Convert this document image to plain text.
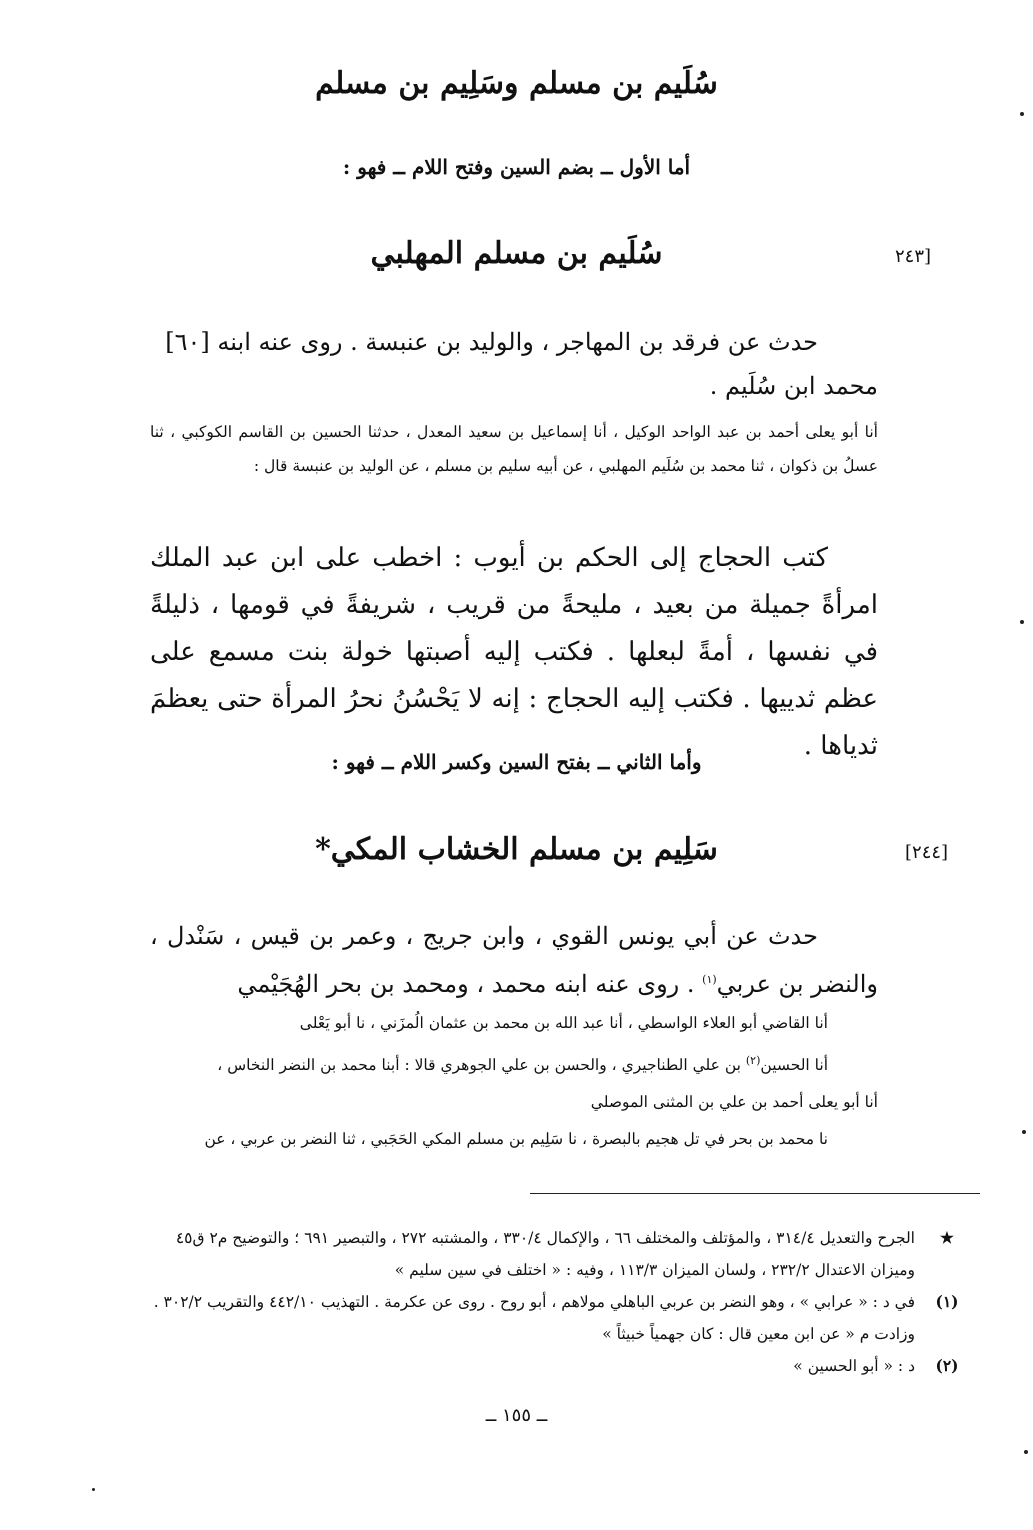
سُلَيم بن مسلم وسَلِيم بن مسلم
أما الأول ــ بضم السين وفتح اللام ــ فهو :
[٢٤٣
سُلَيم بن مسلم المهلبي
حدث عن فرقد بن المهاجر ، والوليد بن عنبسة . روى عنه ابنه [٦٠] محمد ابن سُلَيم .
أنا أبو يعلى أحمد بن عبد الواحد الوكيل ، أنا إسماعيل بن سعيد المعدل ، حدثنا الحسين بن القاسم الكوكبي ، ثنا عسلُ بن ذكوان ، ثنا محمد بن سُلَيم المهلبي ، عن أبيه سليم بن مسلم ، عن الوليد بن عنبسة قال :
كتب الحجاج إلى الحكم بن أيوب : اخطب على ابن عبد الملك امرأةً جميلة من بعيد ، مليحةً من قريب ، شريفةً في قومها ، ذليلةً في نفسها ، أمةً لبعلها . فكتب إليه أصبتها خولة بنت مسمع على عظم ثدييها . فكتب إليه الحجاج : إنه لا يَحْسُنُ نحرُ المرأة حتى يعظمَ ثدياها .
وأما الثاني ــ بفتح السين وكسر اللام ــ فهو :
[٢٤٤]
سَلِيم بن مسلم الخشاب المكي*
حدث عن أبي يونس القوي ، وابن جريج ، وعمر بن قيس ، سَنْدل ، والنضر بن عربي$^{(١)}$ . روى عنه ابنه محمد ، ومحمد بن بحر الهُجَيْمي
أنا القاضي أبو العلاء الواسطي ، أنا عبد الله بن محمد بن عثمان الُمزَني ، نا أبو يَعْلى
أنا الحسين$^{(٢)}$ بن علي الطناجيري ، والحسن بن علي الجوهري قالا : أبنا محمد بن النضر النخاس ،
أنا أبو يعلى أحمد بن علي بن المثنى الموصلي
نا محمد بن بحر في تل هجيم بالبصرة ، نا سَلِيم بن مسلم المكي الحَجَبي ، ثنا النضر بن عربي ، عن
★
الجرح والتعديل ٣١٤/٤ ، والمؤتلف والمختلف ٦٦ ، والإكمال ٣٣٠/٤ ، والمشتبه ٢٧٢ ، والتبصير ٦٩١ ؛ والتوضيح م٢ ق٤٥ وميزان الاعتدال ٢٣٢/٢ ، ولسان الميزان ١١٣/٣ ، وفيه : « اختلف في سين سليم »
(١)
في د : « عرابي » ، وهو النضر بن عربي الباهلي مولاهم ، أبو روح . روى عن عكرمة . التهذيب ٤٤٢/١٠ والتقريب ٣٠٢/٢ . وزادت م « عن ابن معين قال : كان جهمياً خبيثاً »
(٢)
د : « أبو الحسين »
ــ ١٥٥ ــ
